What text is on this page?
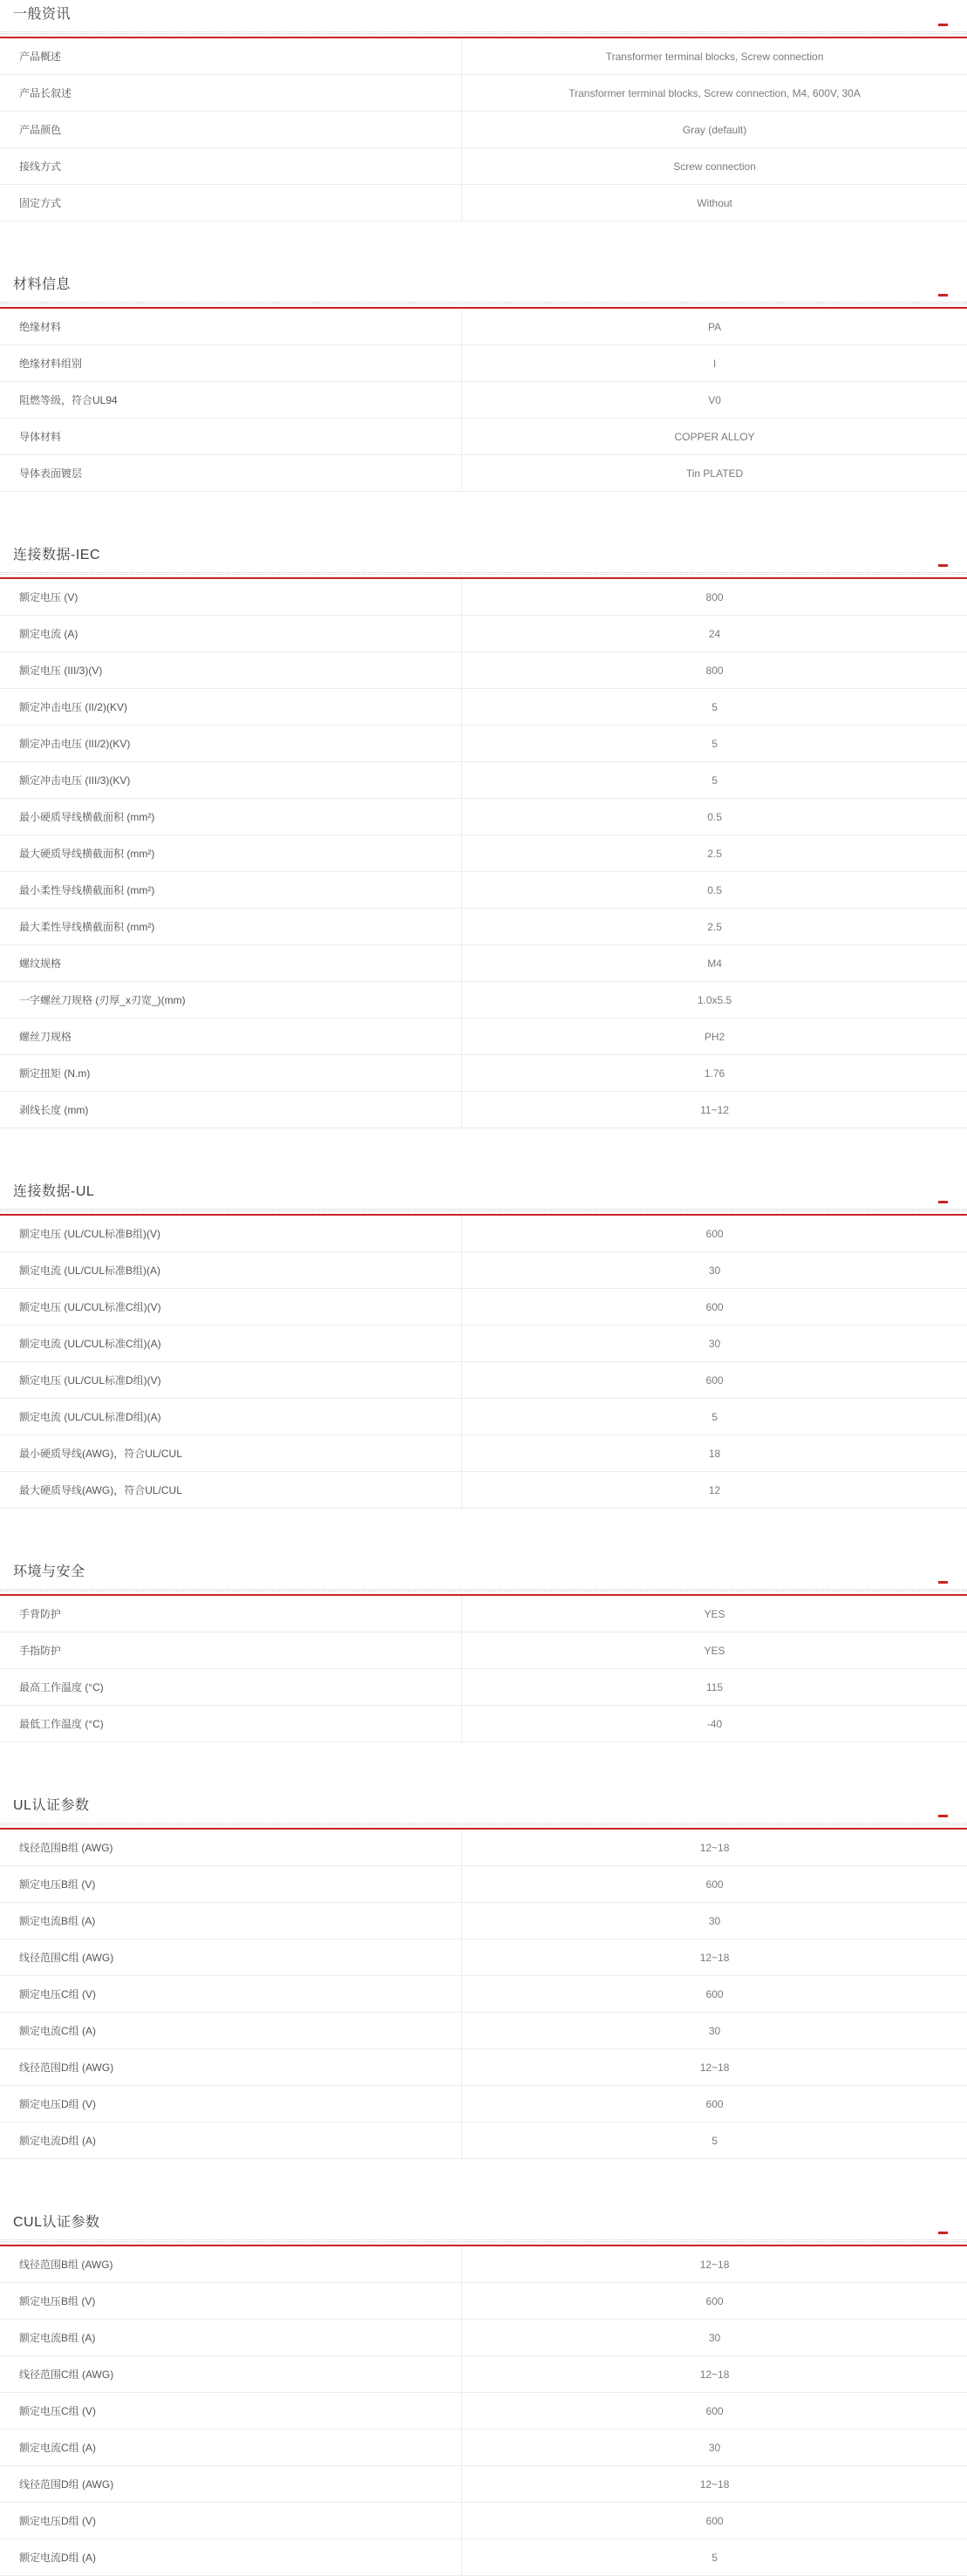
一般资讯
产品概述	Transformer terminal blocks, Screw connection
产品长叙述	Transformer terminal blocks, Screw connection, M4, 600V, 30A
产品颜色	Gray (default)
接线方式	Screw connection
固定方式	Without
材料信息
绝缘材料	PA
绝缘材料组别	I
阻燃等级，符合UL94	V0
导体材料	COPPER ALLOY
导体表面镀层	Tin PLATED
连接数据-IEC
额定电压 (V)	800
额定电流 (A)	24
额定电压 (III/3)(V)	800
额定冲击电压 (II/2)(KV)	5
额定冲击电压 (III/2)(KV)	5
额定冲击电压 (III/3)(KV)	5
最小硬质导线横截面积 (mm²)	0.5
最大硬质导线横截面积 (mm²)	2.5
最小柔性导线横截面积 (mm²)	0.5
最大柔性导线横截面积 (mm²)	2.5
螺纹规格	M4
一字螺丝刀规格 (刃厚_x刃宽_)(mm)	1.0x5.5
螺丝刀规格	PH2
额定扭矩 (N.m)	1.76
剥线长度 (mm)	11~12
连接数据-UL
额定电压 (UL/CUL标准B组)(V)	600
额定电流 (UL/CUL标准B组)(A)	30
额定电压 (UL/CUL标准C组)(V)	600
额定电流 (UL/CUL标准C组)(A)	30
额定电压 (UL/CUL标准D组)(V)	600
额定电流 (UL/CUL标准D组)(A)	5
最小硬质导线(AWG)，符合UL/CUL	18
最大硬质导线(AWG)，符合UL/CUL	12
环境与安全
手背防护	YES
手指防护	YES
最高工作温度 (°C)	115
最低工作温度 (°C)	-40
UL认证参数
线径范围B组 (AWG)	12~18
额定电压B组 (V)	600
额定电流B组 (A)	30
线径范围C组 (AWG)	12~18
额定电压C组 (V)	600
额定电流C组 (A)	30
线径范围D组 (AWG)	12~18
额定电压D组 (V)	600
额定电流D组 (A)	5
CUL认证参数
线径范围B组 (AWG)	12~18
额定电压B组 (V)	600
额定电流B组 (A)	30
线径范围C组 (AWG)	12~18
额定电压C组 (V)	600
额定电流C组 (A)	30
线径范围D组 (AWG)	12~18
额定电压D组 (V)	600
额定电流D组 (A)	5
